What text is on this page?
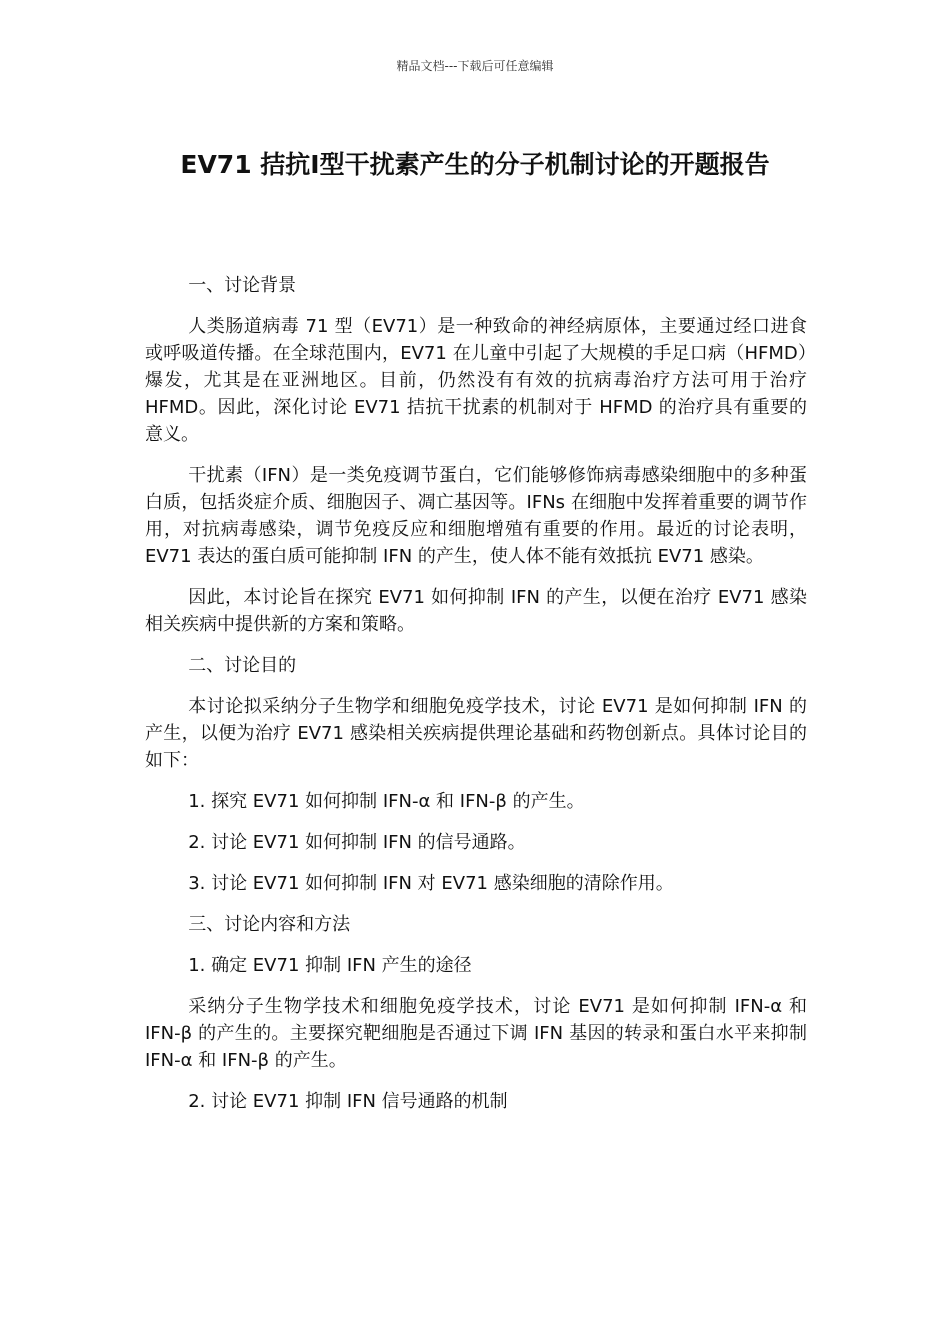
精品文档---下载后可任意编辑
EV71 拮抗Ⅰ型干扰素产生的分子机制讨论的开题报告

一、讨论背景

人类肠道病毒 71 型（EV71）是一种致命的神经病原体，主要通过经口进食或呼吸道传播。在全球范围内，EV71 在儿童中引起了大规模的手足口病（HFMD）爆发，尤其是在亚洲地区。目前，仍然没有有效的抗病毒治疗方法可用于治疗 HFMD。因此，深化讨论 EV71 拮抗干扰素的机制对于 HFMD 的治疗具有重要的意义。

干扰素（IFN）是一类免疫调节蛋白，它们能够修饰病毒感染细胞中的多种蛋白质，包括炎症介质、细胞因子、凋亡基因等。IFNs 在细胞中发挥着重要的调节作用，对抗病毒感染，调节免疫反应和细胞增殖有重要的作用。最近的讨论表明，EV71 表达的蛋白质可能抑制 IFN 的产生，使人体不能有效抵抗 EV71 感染。

因此，本讨论旨在探究 EV71 如何抑制 IFN 的产生，以便在治疗 EV71 感染相关疾病中提供新的方案和策略。

二、讨论目的

本讨论拟采纳分子生物学和细胞免疫学技术，讨论 EV71 是如何抑制 IFN 的产生，以便为治疗 EV71 感染相关疾病提供理论基础和药物创新点。具体讨论目的如下：

1. 探究 EV71 如何抑制 IFN-α 和 IFN-β 的产生。

2. 讨论 EV71 如何抑制 IFN 的信号通路。

3. 讨论 EV71 如何抑制 IFN 对 EV71 感染细胞的清除作用。

三、讨论内容和方法

1. 确定 EV71 抑制 IFN 产生的途径

采纳分子生物学技术和细胞免疫学技术，讨论 EV71 是如何抑制 IFN-α 和 IFN-β 的产生的。主要探究靶细胞是否通过下调 IFN 基因的转录和蛋白水平来抑制 IFN-α 和 IFN-β 的产生。

2. 讨论 EV71 抑制 IFN 信号通路的机制
